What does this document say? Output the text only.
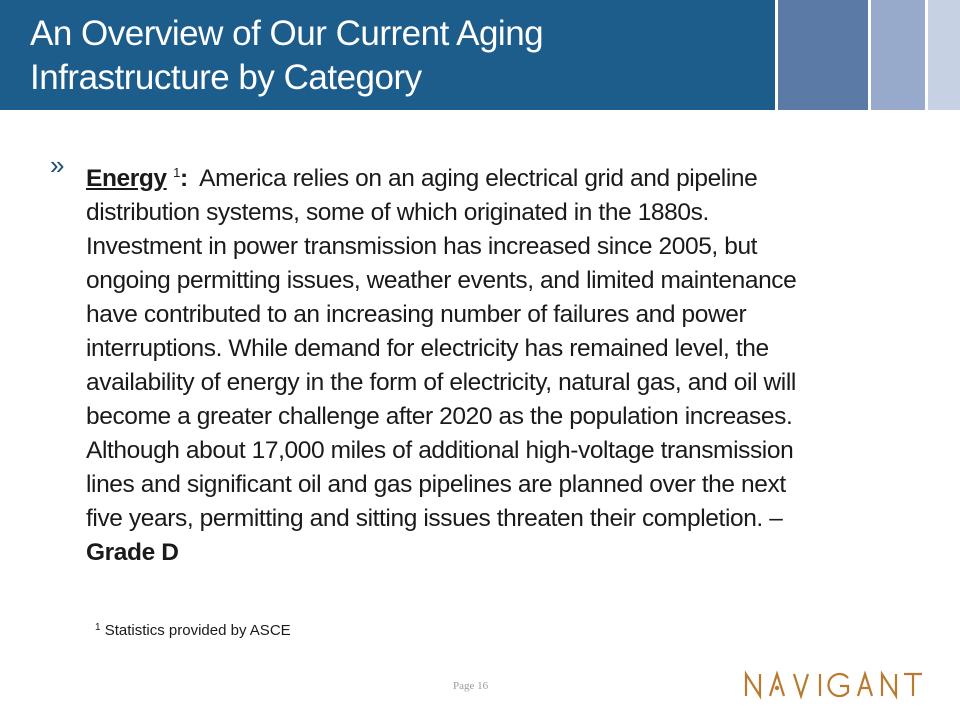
An Overview of Our Current Aging
Infrastructure by Category
» Energy $^1$: America relies on an aging electrical grid and pipeline
distribution systems, some of which originated in the 1880s.
Investment in power transmission has increased since 2005, but
ongoing permitting issues, weather events, and limited maintenance
have contributed to an increasing number of failures and power
interruptions. While demand for electricity has remained level, the
availability of energy in the form of electricity, natural gas, and oil will
become a greater challenge after 2020 as the population increases.
Although about 17,000 miles of additional high-voltage transmission
lines and significant oil and gas pipelines are planned over the next
five years, permitting and sitting issues threaten their completion. –
Grade D
$^1$ Statistics provided by ASCE
Page 16
